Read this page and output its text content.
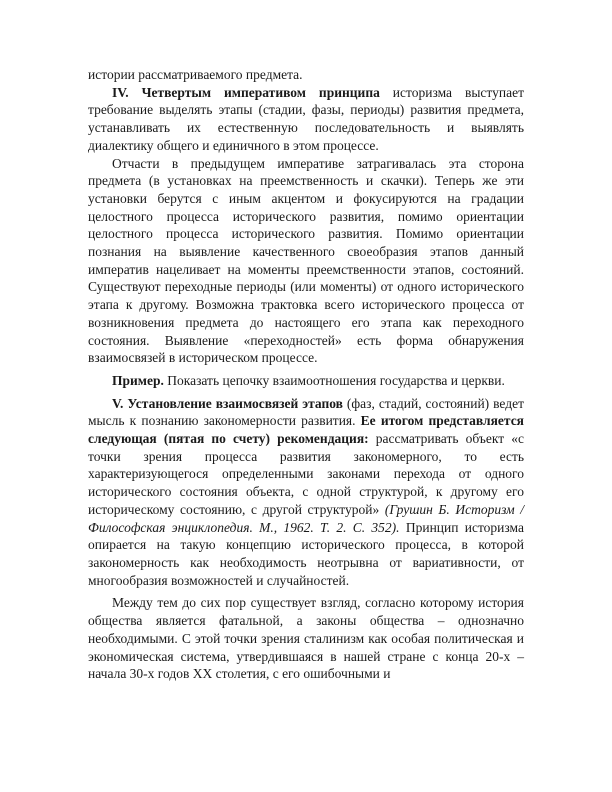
истории рассматриваемого предмета.

IV. Четвертым императивом принципа историзма выступает требование выделять этапы (стадии, фазы, периоды) развития предмета, устанавливать их естественную последовательность и выявлять диалектику общего и единичного в этом процессе.

Отчасти в предыдущем императиве затрагивалась эта сторона предмета (в установках на преемственность и скачки). Теперь же эти установки берутся с иным акцентом и фокусируются на градации целостного процесса исторического развития, помимо ориентации целостного процесса исторического развития. Помимо ориентации познания на выявление качественного своеобразия этапов данный императив нацеливает на моменты преемственности этапов, состояний. Существуют переходные периоды (или моменты) от одного исторического этапа к другому. Возможна трактовка всего исторического процесса от возникновения предмета до настоящего его этапа как переходного состояния. Выявление «переходностей» есть форма обнаружения взаимосвязей в историческом процессе.

Пример. Показать цепочку взаимоотношения государства и церкви.

V. Установление взаимосвязей этапов (фаз, стадий, состояний) ведет мысль к познанию закономерности развития. Ее итогом представляется следующая (пятая по счету) рекомендация: рассматривать объект «с точки зрения процесса развития закономерного, то есть характеризующегося определенными законами перехода от одного исторического состояния объекта, с одной структурой, к другому его историческому состоянию, с другой структурой» (Грушин Б. Историзм / Философская энциклопедия. М., 1962. Т. 2. С. 352). Принцип историзма опирается на такую концепцию исторического процесса, в которой закономерность как необходимость неотрывна от вариативности, от многообразия возможностей и случайностей.

Между тем до сих пор существует взгляд, согласно которому история общества является фатальной, а законы общества – однозначно необходимыми. С этой точки зрения сталинизм как особая политическая и экономическая система, утвердившаяся в нашей стране с конца 20-х – начала 30-х годов XX столетия, с его ошибочными и
